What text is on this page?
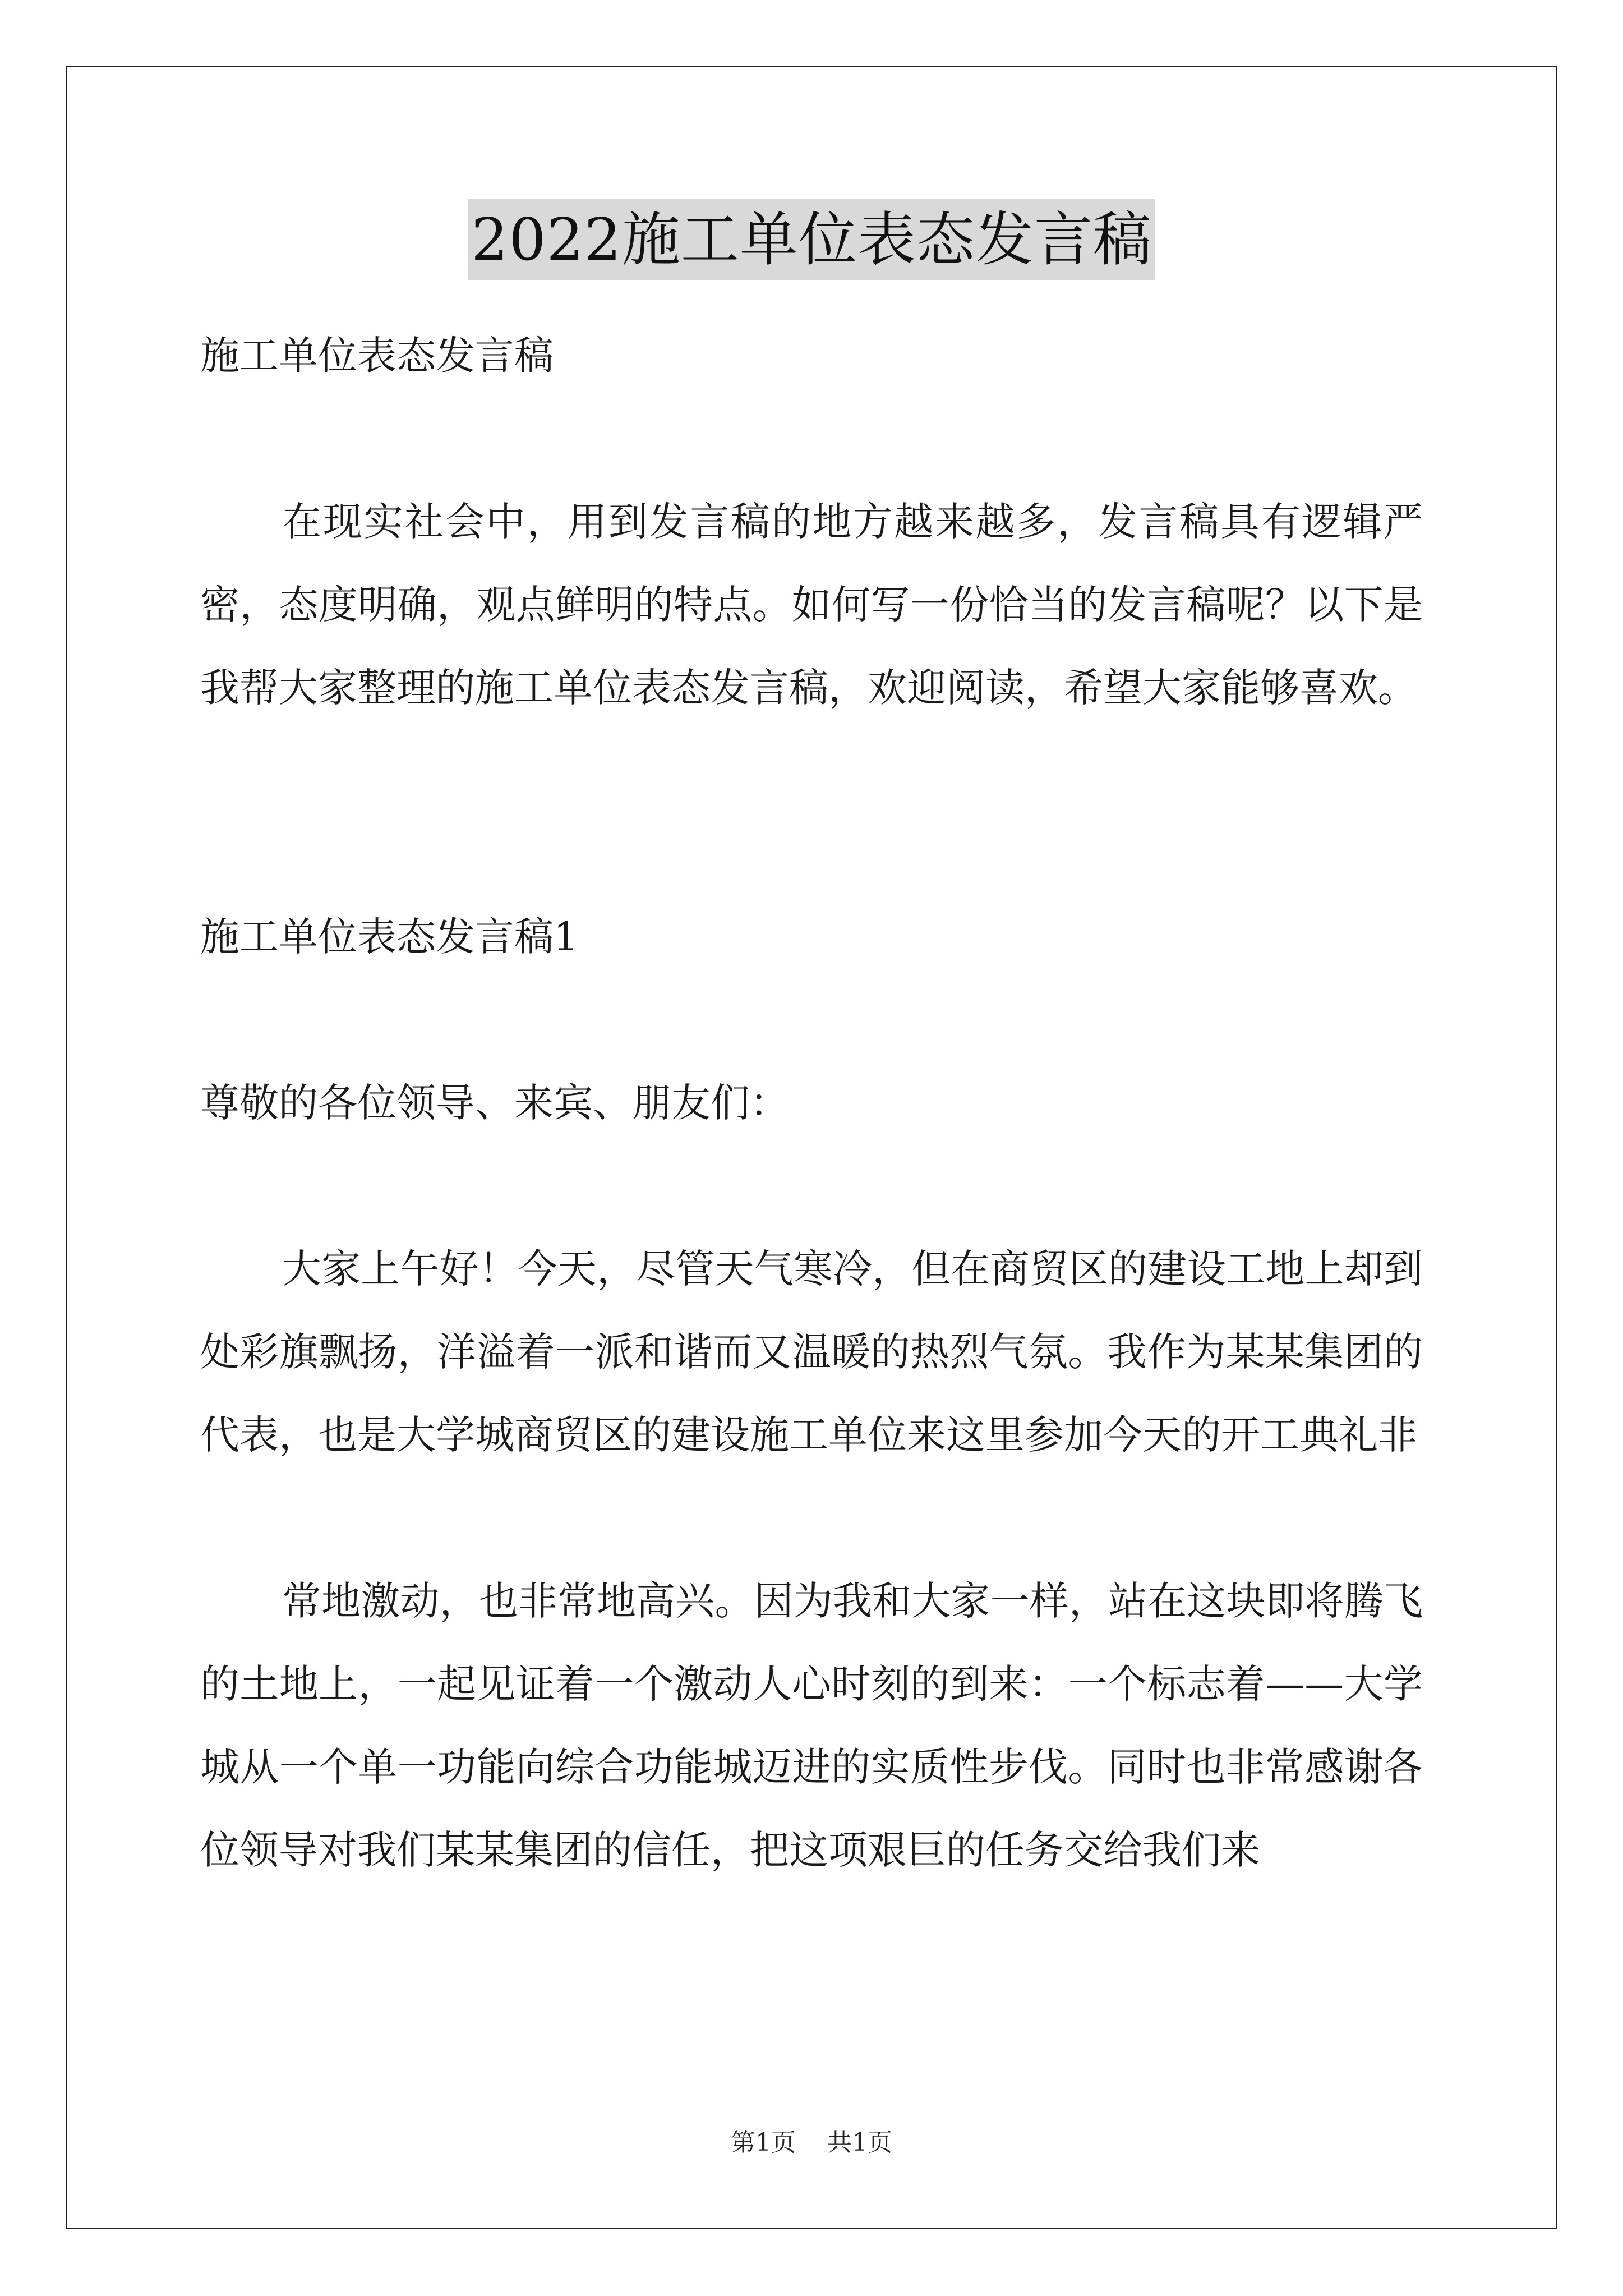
2022施工单位表态发言稿

施工单位表态发言稿

在现实社会中，用到发言稿的地方越来越多，发言稿具有逻辑严密，态度明确，观点鲜明的特点。如何写一份恰当的发言稿呢？以下是我帮大家整理的施工单位表态发言稿，欢迎阅读，希望大家能够喜欢。

施工单位表态发言稿1

尊敬的各位领导、来宾、朋友们：

大家上午好！今天，尽管天气寒冷，但在商贸区的建设工地上却到处彩旗飘扬，洋溢着一派和谐而又温暖的热烈气氛。我作为某某集团的代表，也是大学城商贸区的建设施工单位来这里参加今天的开工典礼非

常地激动，也非常地高兴。因为我和大家一样，站在这块即将腾飞的土地上，一起见证着一个激动人心时刻的到来：一个标志着——大学城从一个单一功能向综合功能城迈进的实质性步伐。同时也非常感谢各位领导对我们某某集团的信任，把这项艰巨的任务交给我们来

第1页 共1页
